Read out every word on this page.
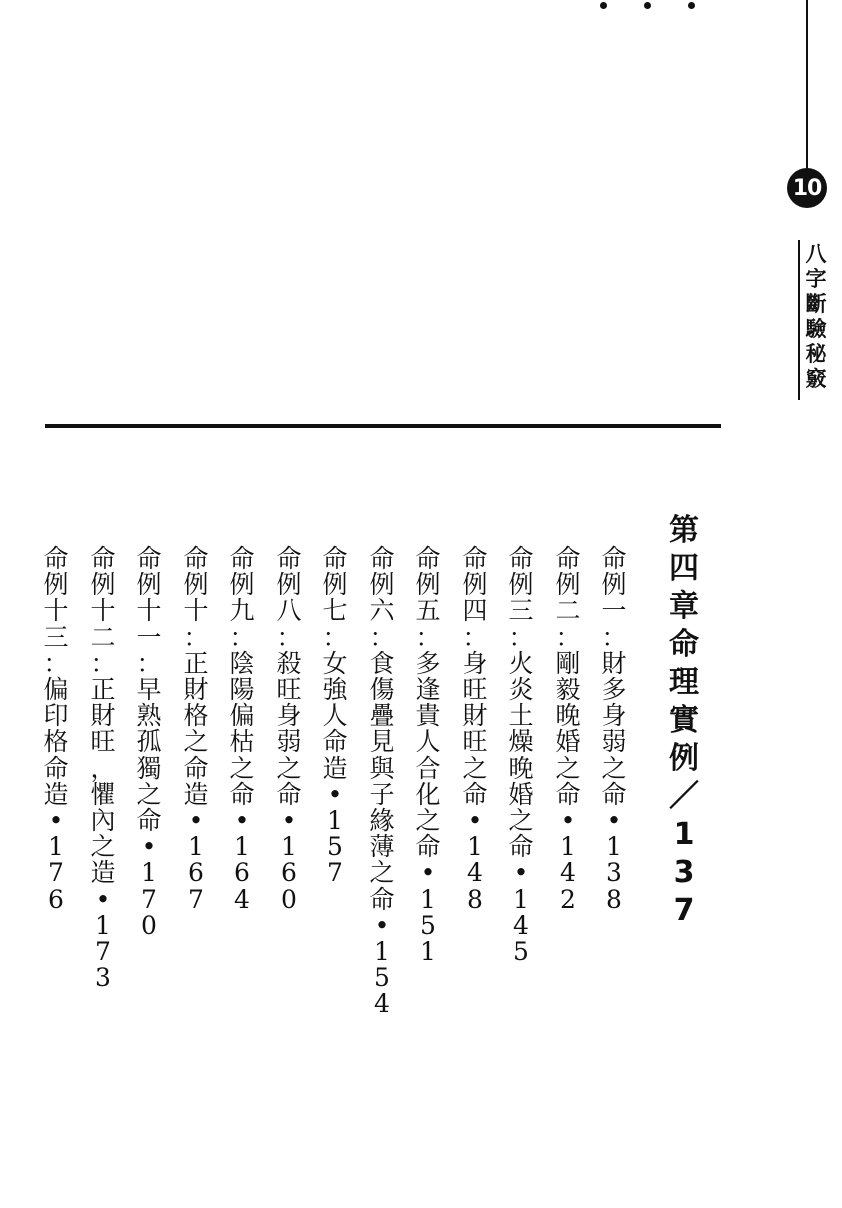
10
八字斷驗秘竅
第四章 命理實例／137
命例一：財多身弱之命•138
命例二：剛毅晚婚之命•142
命例三：火炎土燥晚婚之命•145
命例四：身旺財旺之命•148
命例五：多逢貴人合化之命•151
命例六：食傷疊見與子緣薄之命•154
命例七：女強人命造•157
命例八：殺旺身弱之命•160
命例九：陰陽偏枯之命•164
命例十：正財格之命造•167
命例十一：早熟孤獨之命•170
命例十二：正財旺，懼內之造•173
命例十三：偏印格命造•176
